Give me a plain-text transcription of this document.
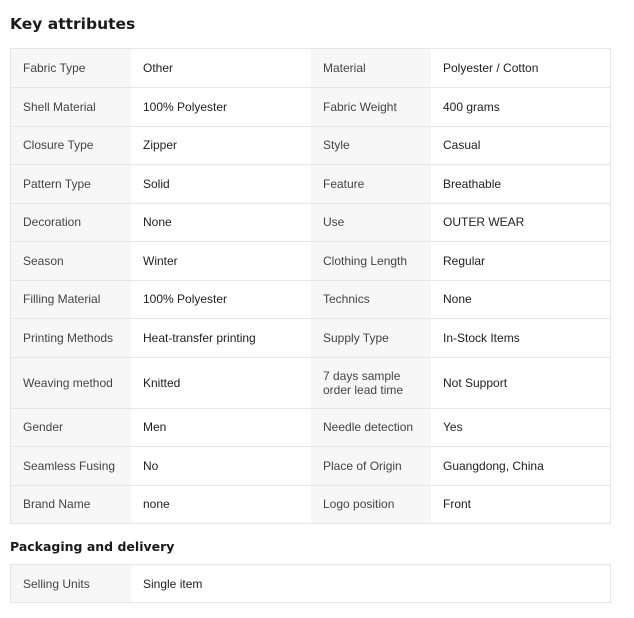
Key attributes
Fabric Type	Other	Material	Polyester / Cotton
Shell Material	100% Polyester	Fabric Weight	400 grams
Closure Type	Zipper	Style	Casual
Pattern Type	Solid	Feature	Breathable
Decoration	None	Use	OUTER WEAR
Season	Winter	Clothing Length	Regular
Filling Material	100% Polyester	Technics	None
Printing Methods	Heat-transfer printing	Supply Type	In-Stock Items
Weaving method	Knitted	7 days sample order lead time	Not Support
Gender	Men	Needle detection	Yes
Seamless Fusing	No	Place of Origin	Guangdong, China
Brand Name	none	Logo position	Front
Packaging and delivery
Selling Units	Single item
